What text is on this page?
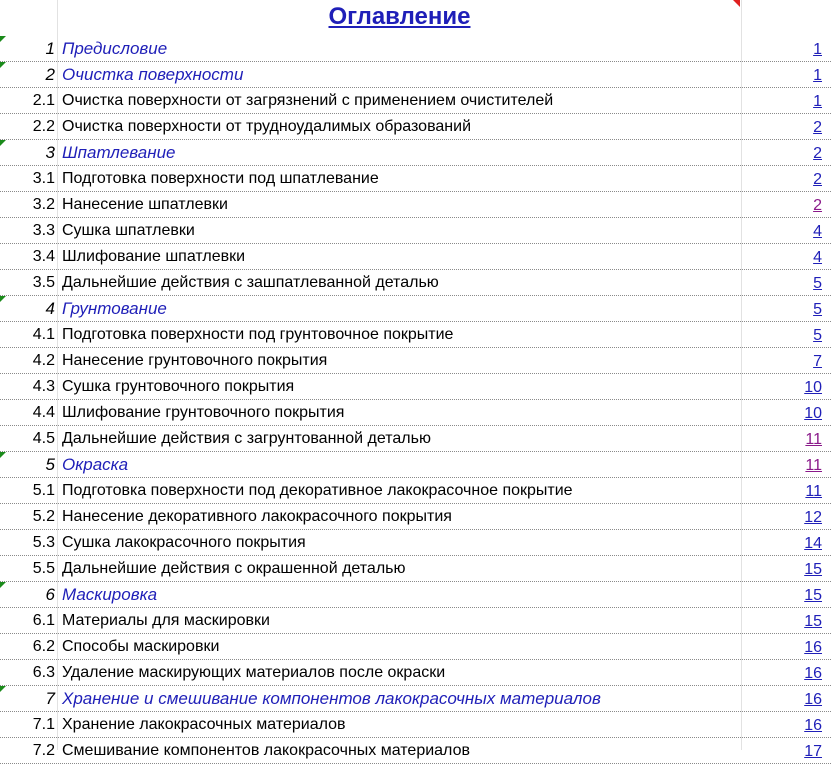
Оглавление
1 Предисловие	1
2 Очистка поверхности	1
2.1 Очистка поверхности от загрязнений с применением очистителей	1
2.2 Очистка поверхности от трудноудалимых образований	2
3 Шпатлевание	2
3.1 Подготовка поверхности под шпатлевание	2
3.2 Нанесение шпатлевки	2
3.3 Сушка шпатлевки	4
3.4 Шлифование шпатлевки	4
3.5 Дальнейшие действия с зашпатлеванной деталью	5
4 Грунтование	5
4.1 Подготовка поверхности под грунтовочное покрытие	5
4.2 Нанесение грунтовочного покрытия	7
4.3 Сушка грунтовочного покрытия	10
4.4 Шлифование грунтовочного покрытия	10
4.5 Дальнейшие действия с загрунтованной деталью	11
5 Окраска	11
5.1 Подготовка поверхности под декоративное лакокрасочное покрытие	11
5.2 Нанесение декоративного лакокрасочного покрытия	12
5.3 Сушка лакокрасочного покрытия	14
5.5 Дальнейшие действия с окрашенной деталью	15
6 Маскировка	15
6.1 Материалы для маскировки	15
6.2 Способы маскировки	16
6.3 Удаление маскирующих материалов после окраски	16
7 Хранение и смешивание компонентов лакокрасочных материалов	16
7.1 Хранение лакокрасочных материалов	16
7.2 Смешивание компонентов лакокрасочных материалов	17
